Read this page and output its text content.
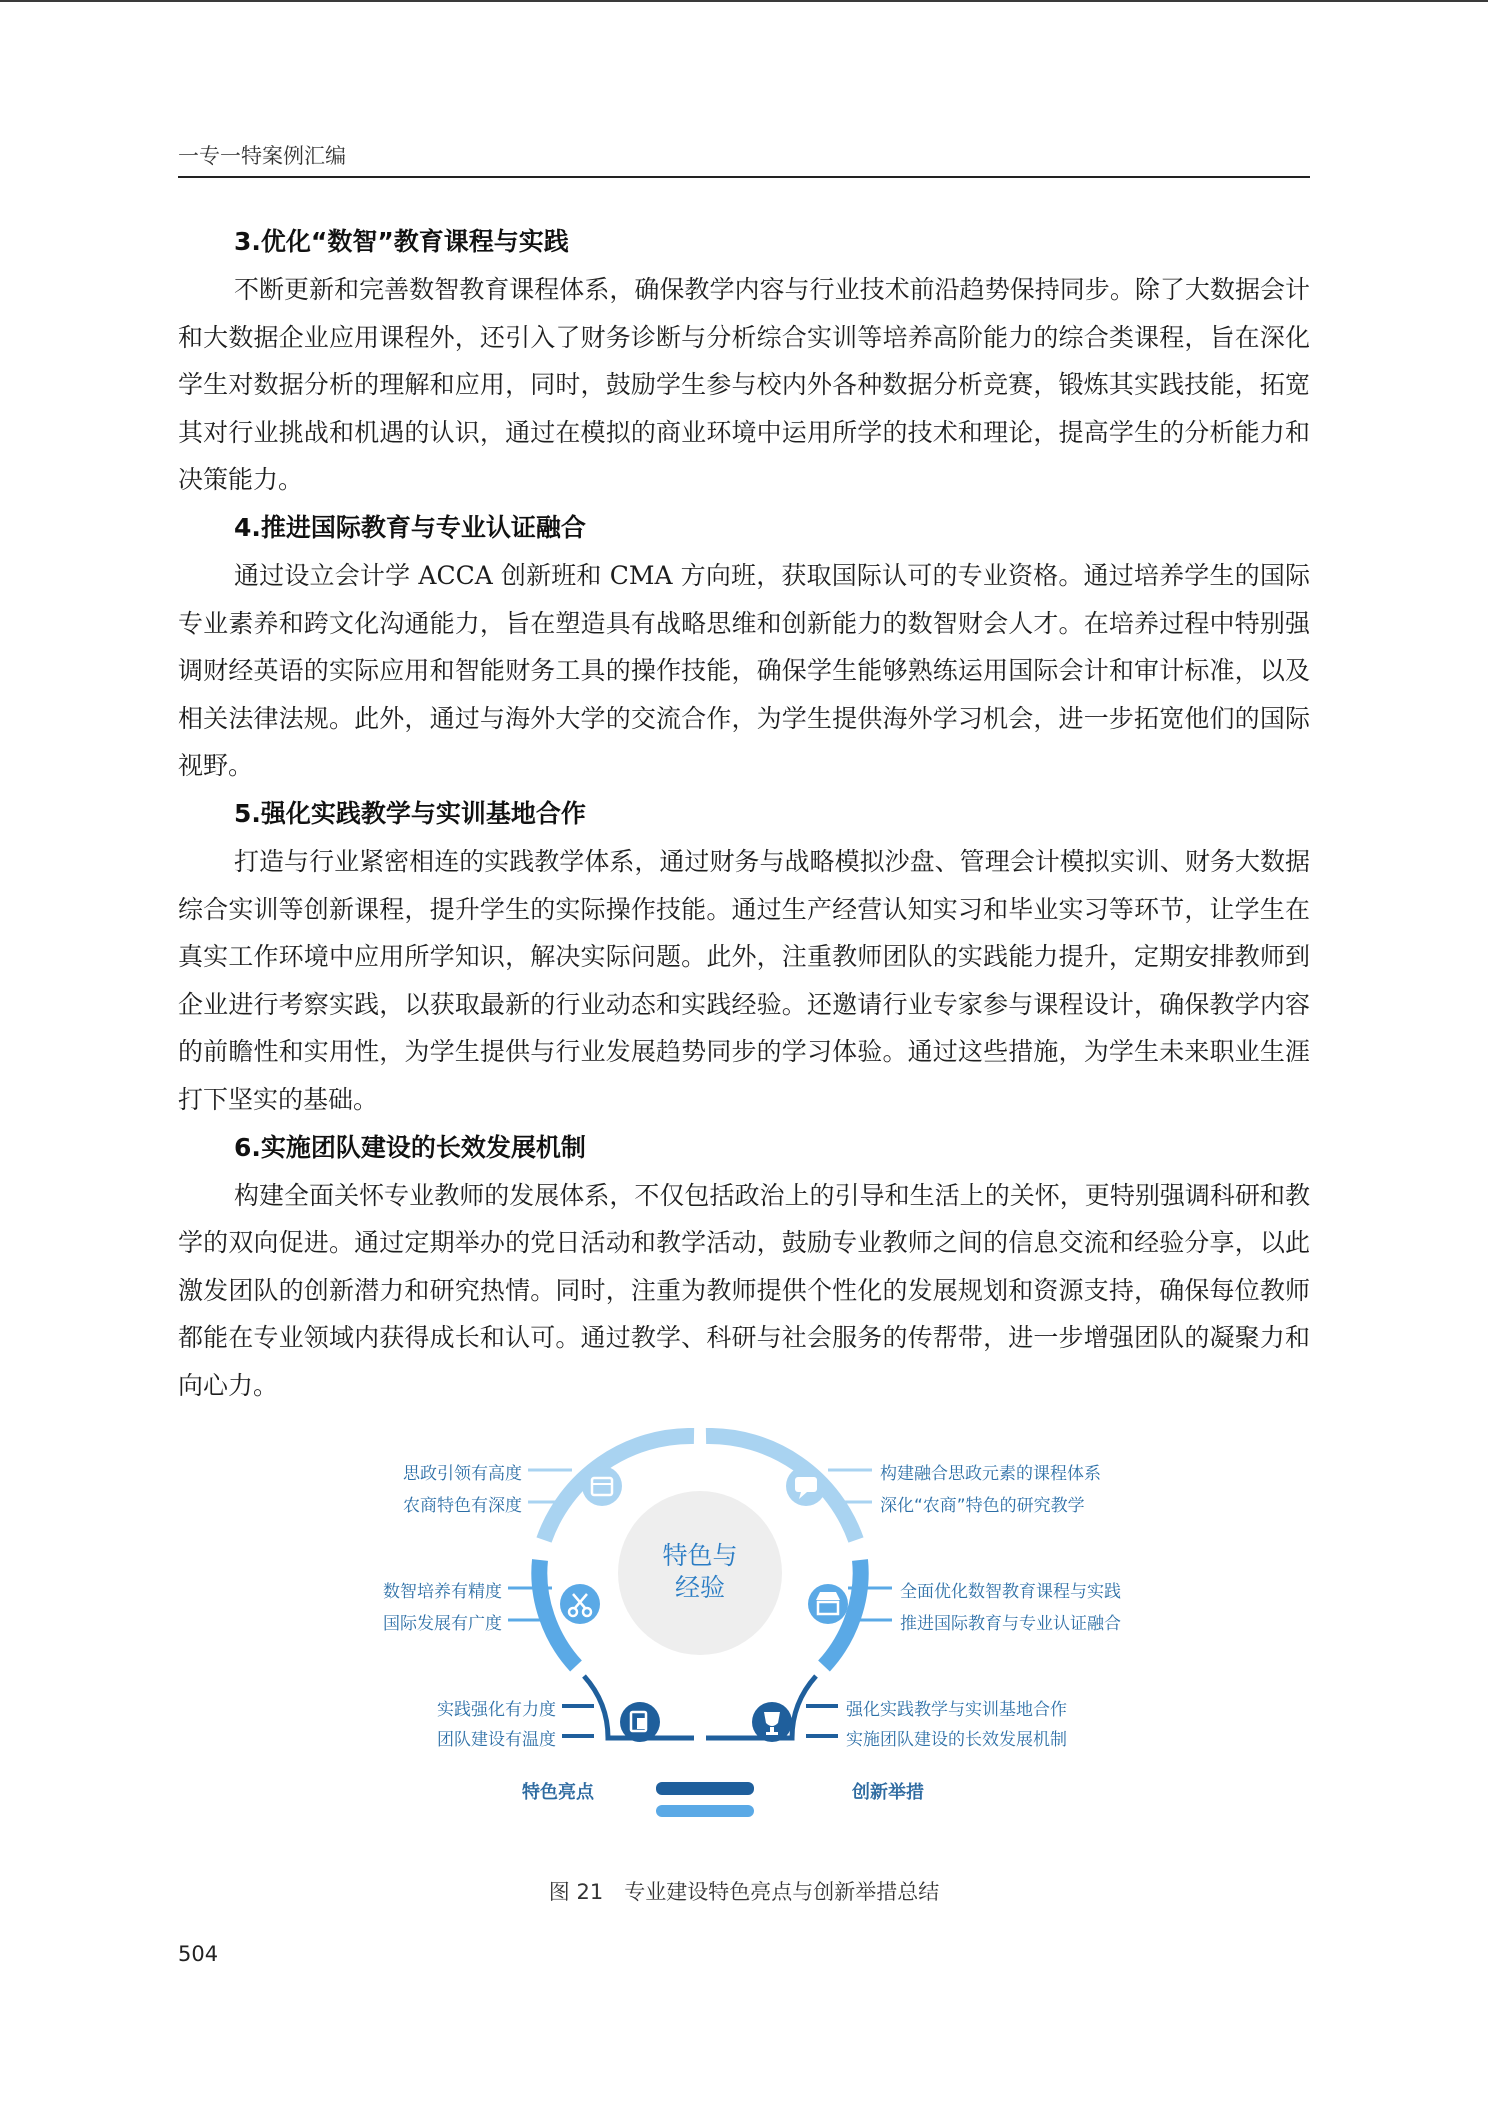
一专一特案例汇编
3.优化“数智”教育课程与实践

不断更新和完善数智教育课程体系，确保教学内容与行业技术前沿趋势保持同步。除了大数据会计和大数据企业应用课程外，还引入了财务诊断与分析综合实训等培养高阶能力的综合类课程，旨在深化学生对数据分析的理解和应用，同时，鼓励学生参与校内外各种数据分析竞赛，锻炼其实践技能，拓宽其对行业挑战和机遇的认识，通过在模拟的商业环境中运用所学的技术和理论，提高学生的分析能力和决策能力。

4.推进国际教育与专业认证融合

通过设立会计学 ACCA 创新班和 CMA 方向班，获取国际认可的专业资格。通过培养学生的国际专业素养和跨文化沟通能力，旨在塑造具有战略思维和创新能力的数智财会人才。在培养过程中特别强调财经英语的实际应用和智能财务工具的操作技能，确保学生能够熟练运用国际会计和审计标准，以及相关法律法规。此外，通过与海外大学的交流合作，为学生提供海外学习机会，进一步拓宽他们的国际视野。

5.强化实践教学与实训基地合作

打造与行业紧密相连的实践教学体系，通过财务与战略模拟沙盘、管理会计模拟实训、财务大数据综合实训等创新课程，提升学生的实际操作技能。通过生产经营认知实习和毕业实习等环节，让学生在真实工作环境中应用所学知识，解决实际问题。此外，注重教师团队的实践能力提升，定期安排教师到企业进行考察实践，以获取最新的行业动态和实践经验。还邀请行业专家参与课程设计，确保教学内容的前瞻性和实用性，为学生提供与行业发展趋势同步的学习体验。通过这些措施，为学生未来职业生涯打下坚实的基础。

6.实施团队建设的长效发展机制

构建全面关怀专业教师的发展体系，不仅包括政治上的引导和生活上的关怀，更特别强调科研和教学的双向促进。通过定期举办的党日活动和教学活动，鼓励专业教师之间的信息交流和经验分享，以此激发团队的创新潜力和研究热情。同时，注重为教师提供个性化的发展规划和资源支持，确保每位教师都能在专业领域内获得成长和认可。通过教学、科研与社会服务的传帮带，进一步增强团队的凝聚力和向心力。

特色与
经验
思政引领有高度
农商特色有深度
数智培养有精度
国际发展有广度
实践强化有力度
团队建设有温度
构建融合思政元素的课程体系
深化“农商”特色的研究教学
全面优化数智教育课程与实践
推进国际教育与专业认证融合
强化实践教学与实训基地合作
实施团队建设的长效发展机制
特色亮点	创新举措
图 21　专业建设特色亮点与创新举措总结
504
